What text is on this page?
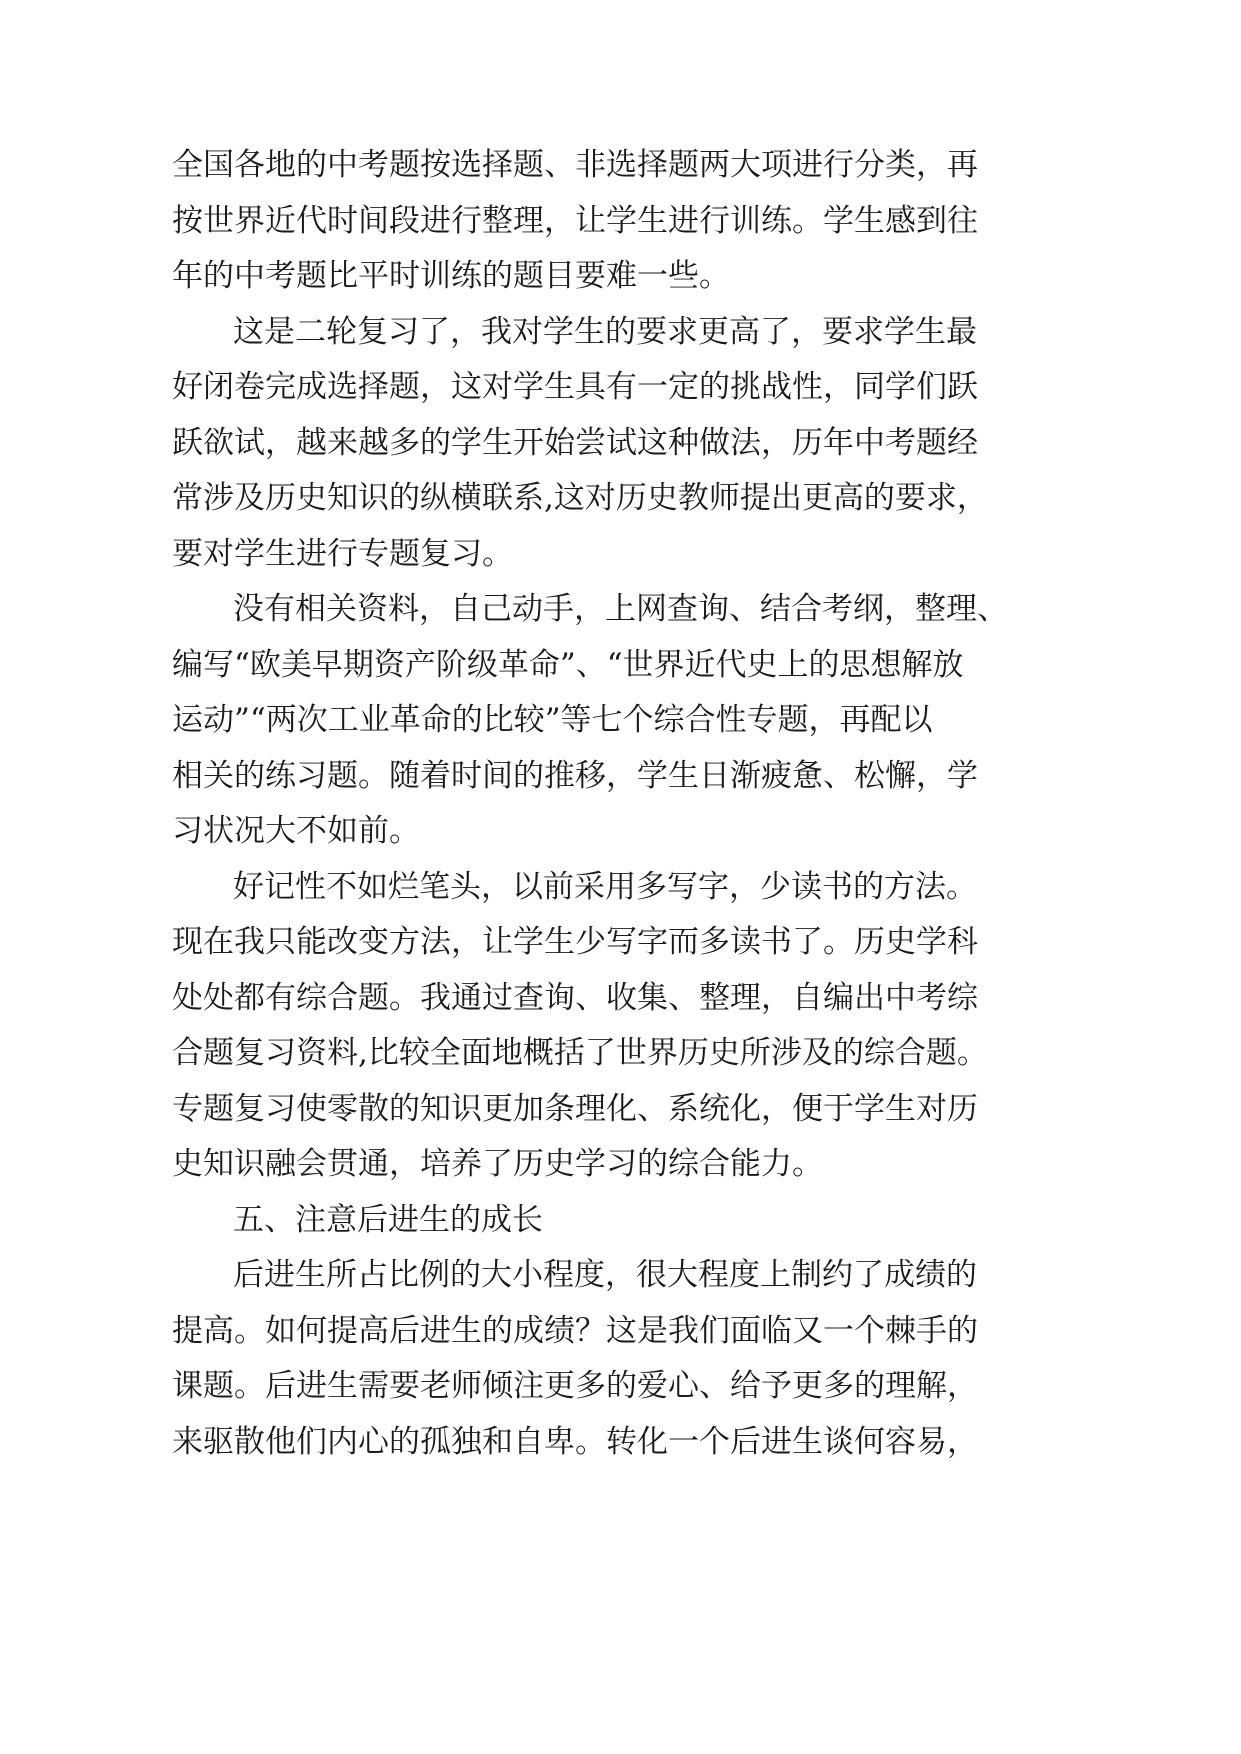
全国各地的中考题按选择题、非选择题两大项进行分类，再
按世界近代时间段进行整理，让学生进行训练。学生感到往
年的中考题比平时训练的题目要难一些。
这是二轮复习了，我对学生的要求更高了，要求学生最
好闭卷完成选择题，这对学生具有一定的挑战性，同学们跃
跃欲试，越来越多的学生开始尝试这种做法，历年中考题经
常涉及历史知识的纵横联系,这对历史教师提出更高的要求，
要对学生进行专题复习。
没有相关资料，自己动手，上网查询、结合考纲，整理、
编写“欧美早期资产阶级革命”、“世界近代史上的思想解放
运动”“两次工业革命的比较”等七个综合性专题，再配以
相关的练习题。随着时间的推移，学生日渐疲惫、松懈，学
习状况大不如前。
好记性不如烂笔头，以前采用多写字，少读书的方法。
现在我只能改变方法，让学生少写字而多读书了。历史学科
处处都有综合题。我通过查询、收集、整理，自编出中考综
合题复习资料,比较全面地概括了世界历史所涉及的综合题。
专题复习使零散的知识更加条理化、系统化，便于学生对历
史知识融会贯通，培养了历史学习的综合能力。
五、注意后进生的成长
后进生所占比例的大小程度，很大程度上制约了成绩的
提高。如何提高后进生的成绩？这是我们面临又一个棘手的
课题。后进生需要老师倾注更多的爱心、给予更多的理解，
来驱散他们内心的孤独和自卑。转化一个后进生谈何容易，
